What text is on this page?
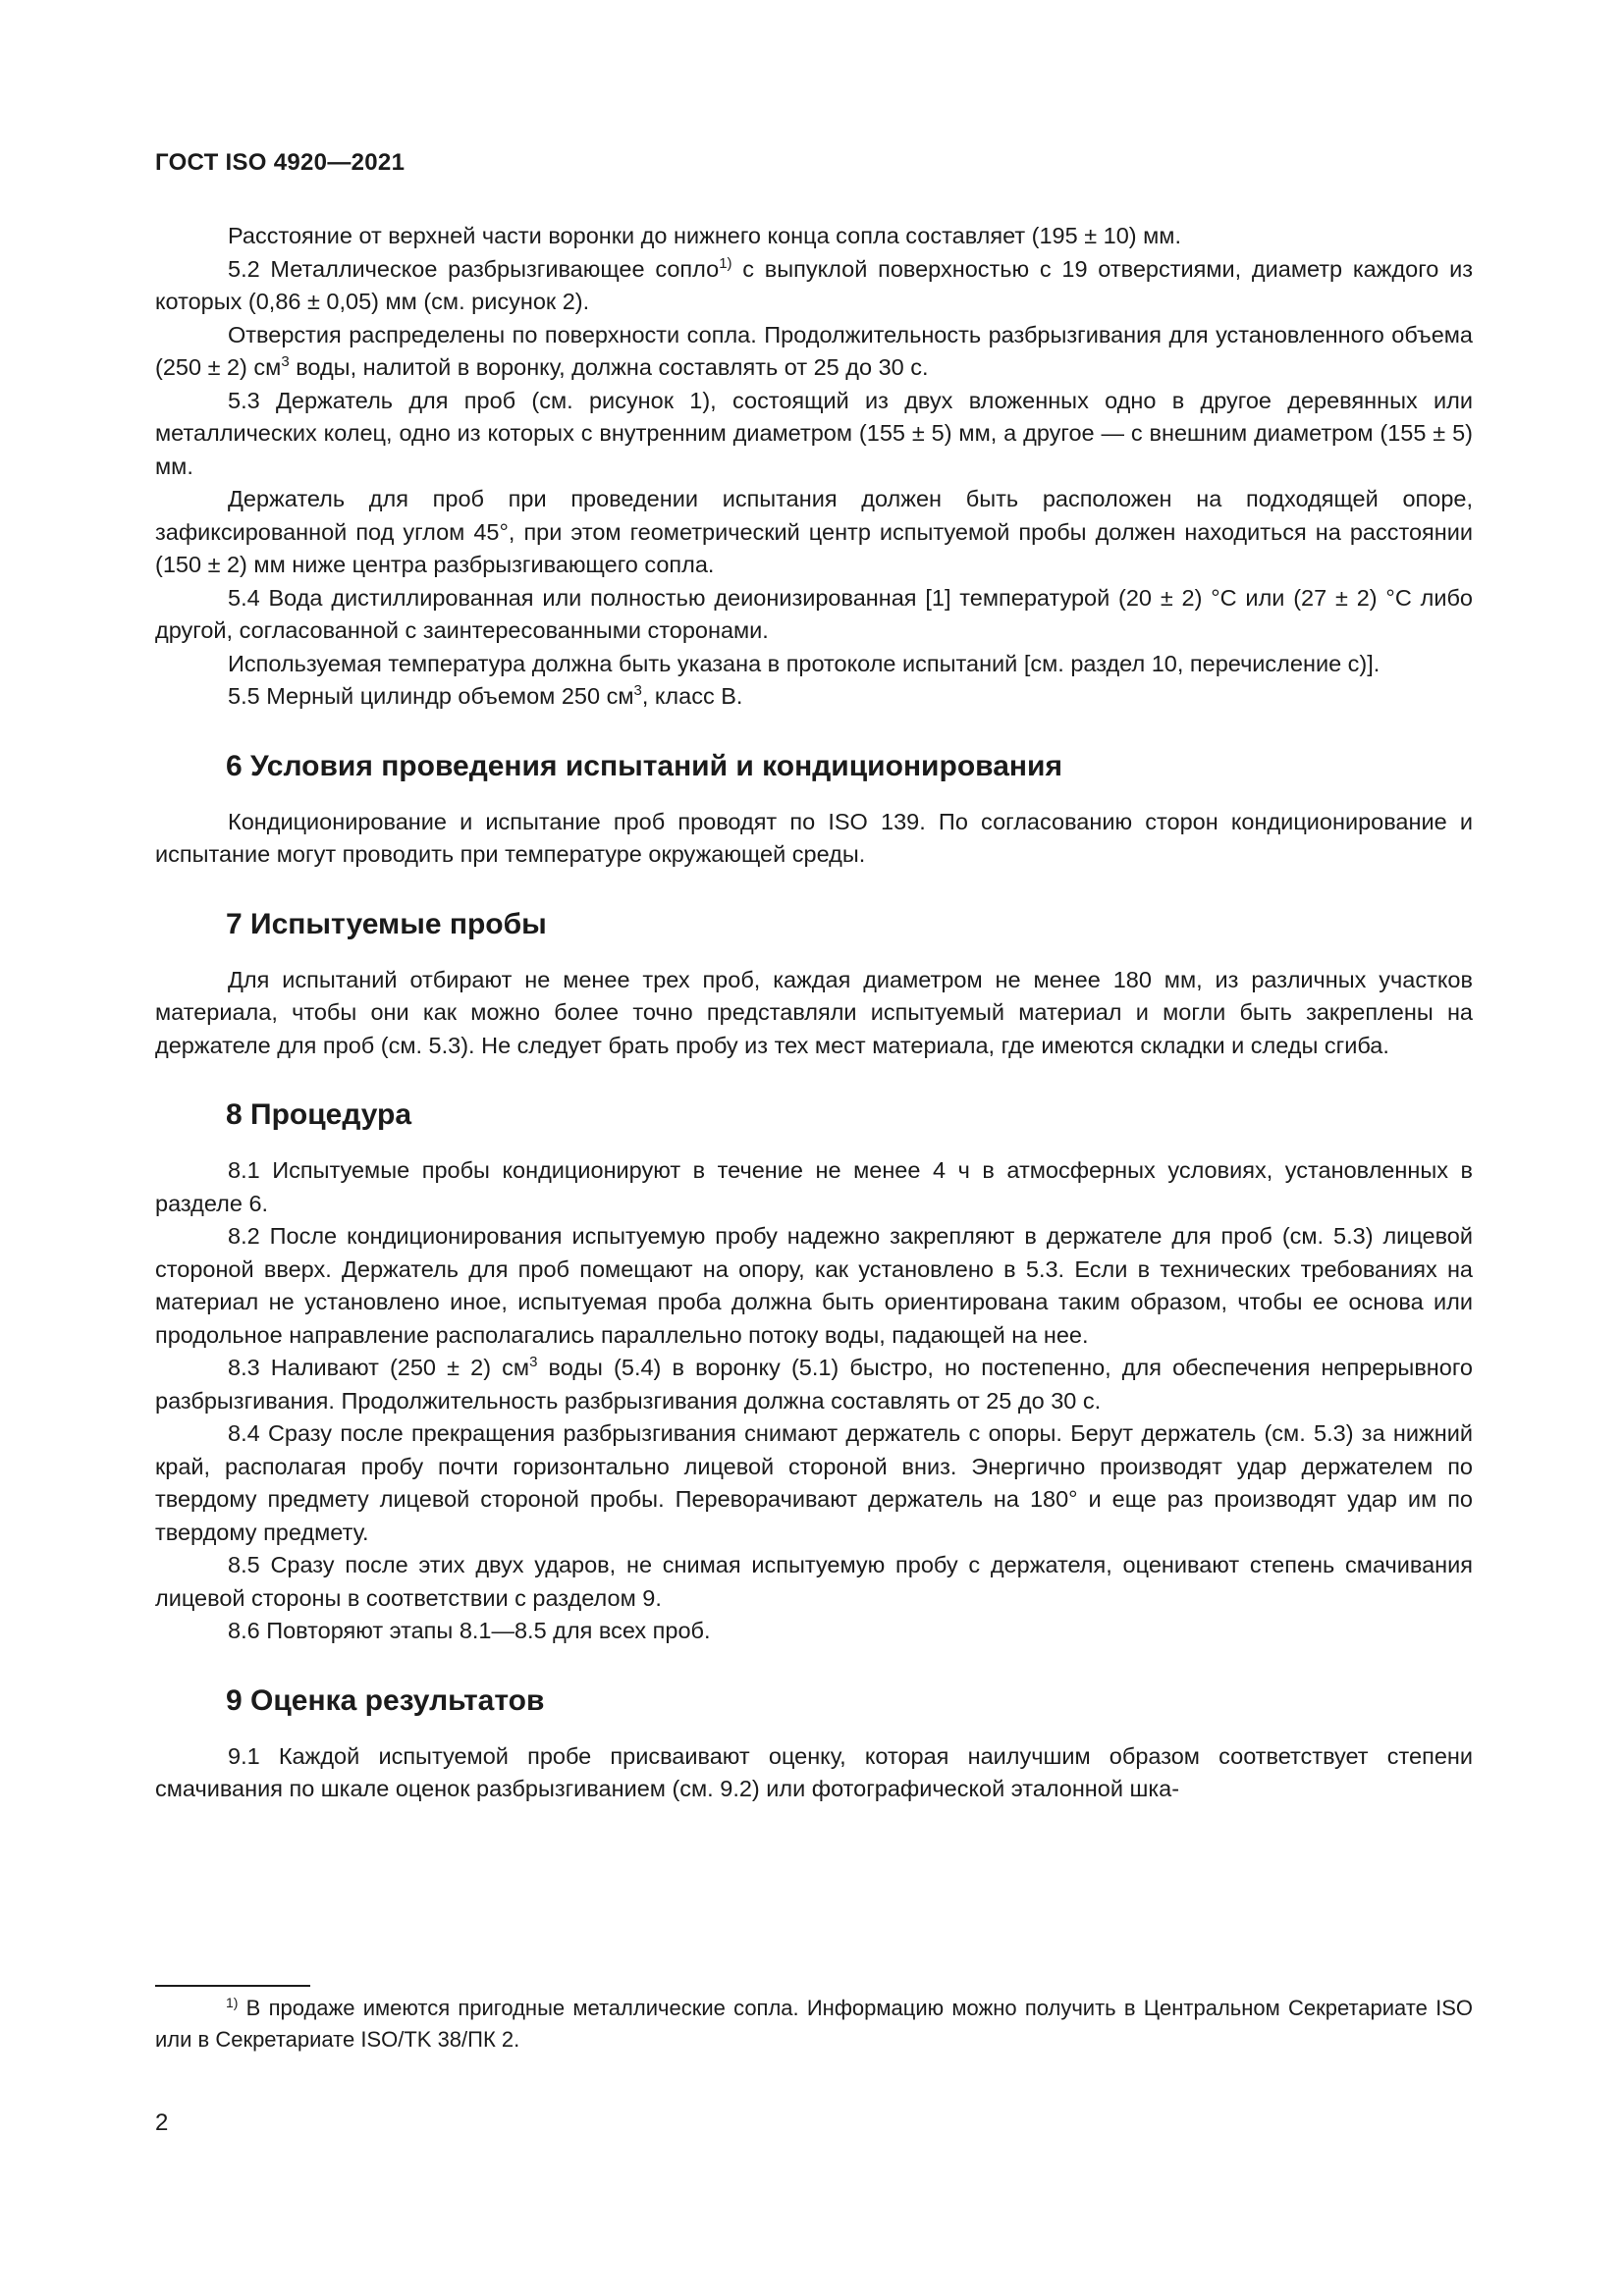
ГОСТ ISO 4920—2021

Расстояние от верхней части воронки до нижнего конца сопла составляет (195 ± 10) мм.

5.2 Металлическое разбрызгивающее сопло$^{1)}$ с выпуклой поверхностью с 19 отверстиями, диаметр каждого из которых (0,86 ± 0,05) мм (см. рисунок 2).

Отверстия распределены по поверхности сопла. Продолжительность разбрызгивания для установленного объема (250 ± 2) $см^3$ воды, налитой в воронку, должна составлять от 25 до 30 с.

5.3 Держатель для проб (см. рисунок 1), состоящий из двух вложенных одно в другое деревянных или металлических колец, одно из которых с внутренним диаметром (155 ± 5) мм, а другое — с внешним диаметром (155 ± 5) мм.

Держатель для проб при проведении испытания должен быть расположен на подходящей опоре, зафиксированной под углом 45°, при этом геометрический центр испытуемой пробы должен находиться на расстоянии (150 ± 2) мм ниже центра разбрызгивающего сопла.

5.4 Вода дистиллированная или полностью деионизированная [1] температурой (20 ± 2) °С или (27 ± 2) °С либо другой, согласованной с заинтересованными сторонами.

Используемая температура должна быть указана в протоколе испытаний [см. раздел 10, перечисление с)].

5.5 Мерный цилиндр объемом 250 $см^3$, класс В.

6 Условия проведения испытаний и кондиционирования

Кондиционирование и испытание проб проводят по ISO 139. По согласованию сторон кондиционирование и испытание могут проводить при температуре окружающей среды.

7 Испытуемые пробы

Для испытаний отбирают не менее трех проб, каждая диаметром не менее 180 мм, из различных участков материала, чтобы они как можно более точно представляли испытуемый материал и могли быть закреплены на держателе для проб (см. 5.3). Не следует брать пробу из тех мест материала, где имеются складки и следы сгиба.

8 Процедура

8.1 Испытуемые пробы кондиционируют в течение не менее 4 ч в атмосферных условиях, установленных в разделе 6.

8.2 После кондиционирования испытуемую пробу надежно закрепляют в держателе для проб (см. 5.3) лицевой стороной вверх. Держатель для проб помещают на опору, как установлено в 5.3. Если в технических требованиях на материал не установлено иное, испытуемая проба должна быть ориентирована таким образом, чтобы ее основа или продольное направление располагались параллельно потоку воды, падающей на нее.

8.3 Наливают (250 ± 2) $см^3$ воды (5.4) в воронку (5.1) быстро, но постепенно, для обеспечения непрерывного разбрызгивания. Продолжительность разбрызгивания должна составлять от 25 до 30 с.

8.4 Сразу после прекращения разбрызгивания снимают держатель с опоры. Берут держатель (см. 5.3) за нижний край, располагая пробу почти горизонтально лицевой стороной вниз. Энергично производят удар держателем по твердому предмету лицевой стороной пробы. Переворачивают держатель на 180° и еще раз производят удар им по твердому предмету.

8.5 Сразу после этих двух ударов, не снимая испытуемую пробу с держателя, оценивают степень смачивания лицевой стороны в соответствии с разделом 9.

8.6 Повторяют этапы 8.1—8.5 для всех проб.

9 Оценка результатов

9.1 Каждой испытуемой пробе присваивают оценку, которая наилучшим образом соответствует степени смачивания по шкале оценок разбрызгиванием (см. 9.2) или фотографической эталонной шка-

$^{1)}$ В продаже имеются пригодные металлические сопла. Информацию можно получить в Центральном Секретариате ISO или в Секретариате ISO/TK 38/ПК 2.

2
